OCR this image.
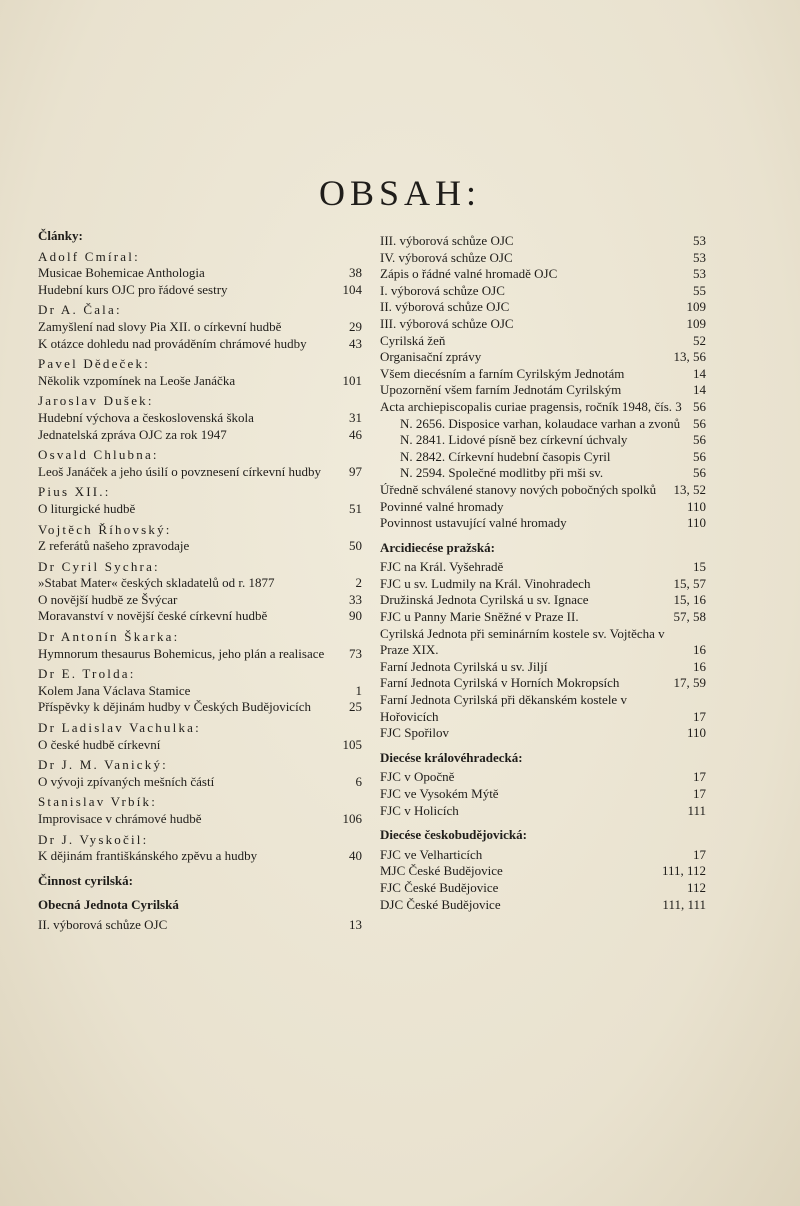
OBSAH:
Články:
Adolf Cmíral:
Musicae Bohemicae Anthologia	38
Hudební kurs OJC pro řádové sestry	104
Dr A. Čala:
Zamyšlení nad slovy Pia XII. o církevní hudbě	29
K otázce dohledu nad prováděním chrámové hudby	43
Pavel Dědeček:
Několik vzpomínek na Leoše Janáčka	101
Jaroslav Dušek:
Hudební výchova a československá škola	31
Jednatelská zpráva OJC za rok 1947	46
Osvald Chlubna:
Leoš Janáček a jeho úsilí o povznesení církevní hudby	97
Pius XII.:
O liturgické hudbě	51
Vojtěch Říhovský:
Z referátů našeho zpravodaje	50
Dr Cyril Sychra:
»Stabat Mater« českých skladatelů od r. 1877	2
O novější hudbě ze Švýcar	33
Moravanství v novější české církevní hudbě	90
Dr Antonín Škarka:
Hymnorum thesaurus Bohemicus, jeho plán a realisace	73
Dr E. Trolda:
Kolem Jana Václava Stamice	1
Příspěvky k dějinám hudby v Českých Budějovicích	25
Dr Ladislav Vachulka:
O české hudbě církevní	105
Dr J. M. Vanický:
O vývoji zpívaných mešních částí	6
Stanislav Vrbík:
Improvisace v chrámové hudbě	106
Dr J. Vyskočil:
K dějinám františkánského zpěvu a hudby	40
Činnost cyrilská:
Obecná Jednota Cyrilská
II. výborová schůze OJC	13
III. výborová schůze OJC	53
IV. výborová schůze OJC	53
Zápis o řádné valné hromadě OJC	53
I. výborová schůze OJC	55
II. výborová schůze OJC	109
III. výborová schůze OJC	109
Cyrilská žeň	52
Organisační zprávy	13, 56
Všem diecésním a farním Cyrilským Jednotám	14
Upozornění všem farním Jednotám Cyrilským	14
Acta archiepiscopalis curiae pragensis, ročník 1948, čís. 3 56
N. 2656. Disposice varhan, kolaudace varhan a zvonů 56
N. 2841. Lidové písně bez církevní úchvaly	56
N. 2842. Církevní hudební časopis Cyril	56
N. 2594. Společné modlitby při mši sv.	56
Úředně schválené stanovy nových pobočných spolků	13, 52
Povinné valné hromady	110
Povinnost ustavující valné hromady	110
Arcidiecése pražská:
FJC na Král. Vyšehradě	15
FJC u sv. Ludmily na Král. Vinohradech	15, 57
Družinská Jednota Cyrilská u sv. Ignace	15, 16
FJC u Panny Marie Sněžné v Praze II.	57, 58
Cyrilská Jednota při seminárním kostele sv. Vojtěcha v Praze XIX.	16
Farní Jednota Cyrilská u sv. Jiljí	16
Farní Jednota Cyrilská v Horních Mokropsích	17, 59
Farní Jednota Cyrilská při děkanském kostele v Hořovicích	17
FJC Spořilov	110
Diecése královéhradecká:
FJC v Opočně	17
FJC ve Vysokém Mýtě	17
FJC v Holicích	111
Diecése českobudějovická:
FJC ve Velharticích	17
MJC České Budějovice	111, 112
FJC České Budějovice	112
DJC České Budějovice	111, 111
